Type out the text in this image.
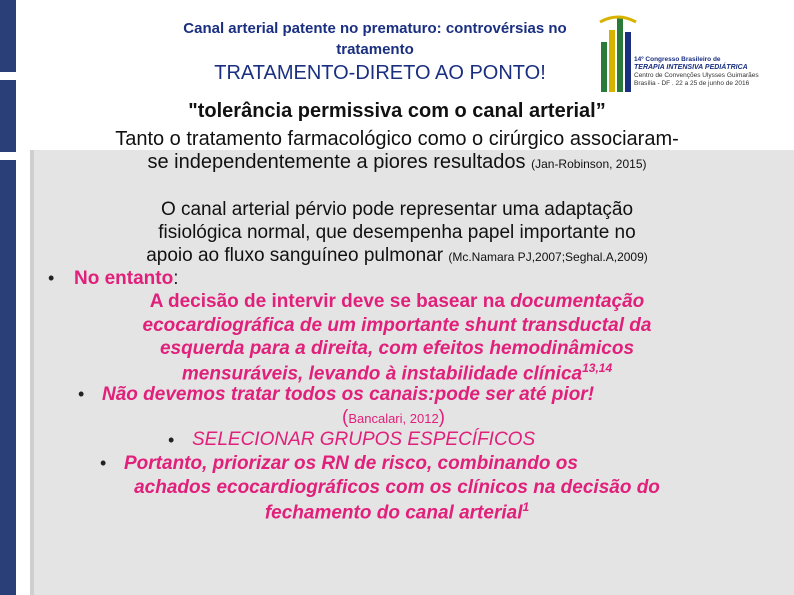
Canal arterial patente no prematuro: controvérsias no
tratamento
TRATAMENTO-DIRETO AO PONTO!
14º Congresso Brasileiro de
TERAPIA INTENSIVA PEDIÁTRICA
Centro de Convenções Ulysses Guimarães
Brasília - DF . 22 a 25 de junho de 2016
"tolerância permissiva com o canal arterial”
Tanto o tratamento farmacológico como o cirúrgico associaram-
se independentemente a piores resultados (Jan-Robinson, 2015)
O canal arterial pérvio pode representar uma adaptação
fisiológica normal, que desempenha papel importante no
apoio ao fluxo sanguíneo pulmonar (Mc.Namara PJ,2007;Seghal.A,2009)
• No entanto:
A decisão de intervir deve se basear na documentação
ecocardiográfica de um importante shunt transductal da
esquerda para a direita, com efeitos hemodinâmicos
mensuráveis, levando à instabilidade clínica$^{13,14}$
• Não devemos tratar todos os canais:pode ser até pior!
(Bancalari, 2012)
• SELECIONAR GRUPOS ESPECÍFICOS
• Portanto, priorizar os RN de risco, combinando os
achados ecocardiográficos com os clínicos na decisão do
fechamento do canal arterial$^1$
